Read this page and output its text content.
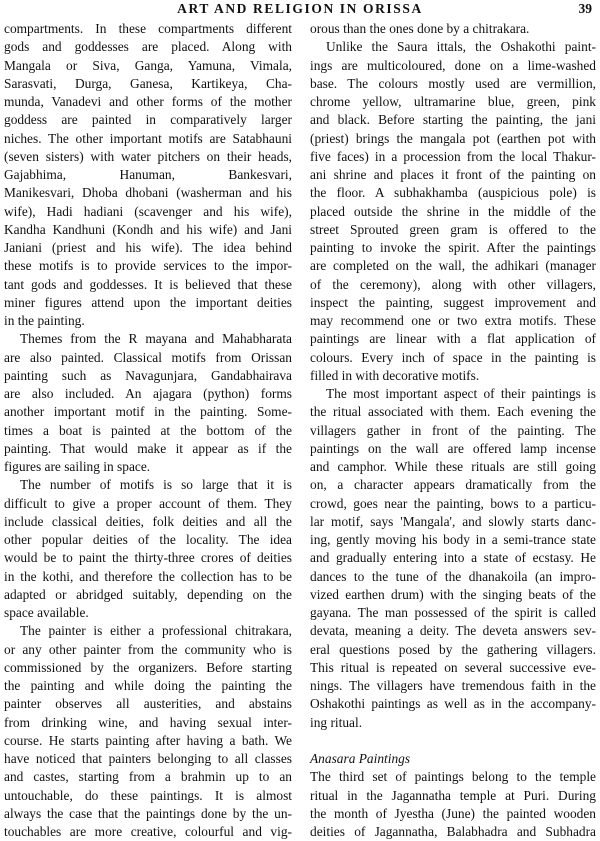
ART AND RELIGION IN ORISSA	39
compartments. In these compartments different
gods and goddesses are placed. Along with
Mangala or Siva, Ganga, Yamuna, Vimala,
Sarasvati, Durga, Ganesa, Kartikeya, Cha-
munda, Vanadevi and other forms of the mother
goddess are painted in comparatively larger
niches. The other important motifs are Satabhauni
(seven sisters) with water pitchers on their heads,
Gajabhima, Hanuman, Bankesvari,
Manikesvari, Dhoba dhobani (washerman and his
wife), Hadi hadiani (scavenger and his wife),
Kandha Kandhuni (Kondh and his wife) and Jani
Janiani (priest and his wife). The idea behind
these motifs is to provide services to the impor-
tant gods and goddesses. It is believed that these
miner figures attend upon the important deities
in the painting.
Themes from the R mayana and Mahabharata
are also painted. Classical motifs from Orissan
painting such as Navagunjara, Gandabhairava
are also included. An ajagara (python) forms
another important motif in the painting. Some-
times a boat is painted at the bottom of the
painting. That would make it appear as if the
figures are sailing in space.
The number of motifs is so large that it is
difficult to give a proper account of them. They
include classical deities, folk deities and all the
other popular deities of the locality. The idea
would be to paint the thirty-three crores of deities
in the kothi, and therefore the collection has to be
adapted or abridged suitably, depending on the
space available.
The painter is either a professional chitrakara,
or any other painter from the community who is
commissioned by the organizers. Before starting
the painting and while doing the painting the
painter observes all austerities, and abstains
from drinking wine, and having sexual inter-
course. He starts painting after having a bath. We
have noticed that painters belonging to all classes
and castes, starting from a brahmin up to an
untouchable, do these paintings. It is almost
always the case that the paintings done by the un-
touchables are more creative, colourful and vig-
orous than the ones done by a chitrakara.
Unlike the Saura ittals, the Oshakothi paint-
ings are multicoloured, done on a lime-washed
base. The colours mostly used are vermillion,
chrome yellow, ultramarine blue, green, pink
and black. Before starting the painting, the jani
(priest) brings the mangala pot (earthen pot with
five faces) in a procession from the local Thakur-
ani shrine and places it front of the painting on
the floor. A subhakhamba (auspicious pole) is
placed outside the shrine in the middle of the
street Sprouted green gram is offered to the
painting to invoke the spirit. After the paintings
are completed on the wall, the adhikari (manager
of the ceremony), along with other villagers,
inspect the painting, suggest improvement and
may recommend one or two extra motifs. These
paintings are linear with a flat application of
colours. Every inch of space in the painting is
filled in with decorative motifs.
The most important aspect of their paintings is
the ritual associated with them. Each evening the
villagers gather in front of the painting. The
paintings on the wall are offered lamp incense
and camphor. While these rituals are still going
on, a character appears dramatically from the
crowd, goes near the painting, bows to a particu-
lar motif, says 'Mangala', and slowly starts danc-
ing, gently moving his body in a semi-trance state
and gradually entering into a state of ecstasy. He
dances to the tune of the dhanakoila (an impro-
vized earthen drum) with the singing beats of the
gayana. The man possessed of the spirit is called
devata, meaning a deity. The deveta answers sev-
eral questions posed by the gathering villagers.
This ritual is repeated on several successive eve-
nings. The villagers have tremendous faith in the
Oshakothi paintings as well as in the accompany-
ing ritual.
Anasara Paintings
The third set of paintings belong to the temple
ritual in the Jagannatha temple at Puri. During
the month of Jyestha (June) the painted wooden
deities of Jagannatha, Balabhadra and Subhadra
